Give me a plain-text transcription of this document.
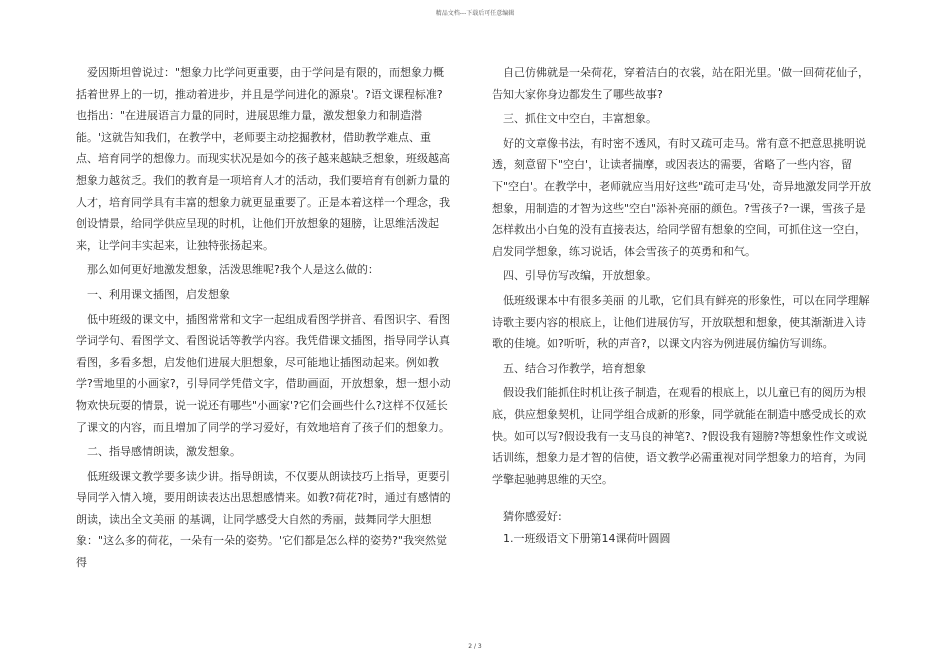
精品文档---下载后可任意编辑

爱因斯坦曾说过："想象力比学问更重要，由于学问是有限的，而想象力概括着世界上的一切，推动着进步，并且是学问进化的源泉'。?语文课程标准?也指出："在进展语言力量的同时，进展思维力量，激发想象力和制造潜能。'这就告知我们，在教学中，老师要主动挖掘教材，借助教学难点、重点、培育同学的想像力。而现实状况是如今的孩子越来越缺乏想象，班级越高想象力越贫乏。我们的教育是一项培育人才的活动，我们要培育有创新力量的人才，培育同学具有丰富的想象力就更显重要了。正是本着这样一个理念，我创设情景，给同学供应呈现的时机，让他们开放想象的翅膀，让思维活泼起来，让学问丰实起来，让独特张扬起来。

那么如何更好地激发想象，活泼思维呢?我个人是这么做的：

一、利用课文插图，启发想象

低中班级的课文中，插图常常和文字一起组成看图学拼音、看图识字、看图学词学句、看图学文、看图说话等教学内容。我凭借课文插图，指导同学认真看图，多看多想，启发他们进展大胆想象，尽可能地让插图动起来。例如教学?雪地里的小画家?，引导同学凭借文字，借助画面，开放想象，想一想小动物欢快玩耍的情景，说一说还有哪些"小画家'?它们会画些什么?这样不仅延长了课文的内容，而且增加了同学的学习爱好，有效地培育了孩子们的想象力。

二、指导感情朗读，激发想象。

低班级课文教学要多读少讲。指导朗读，不仅要从朗读技巧上指导，更要引导同学入情入境，要用朗读表达出思想感情来。如教?荷花?时，通过有感情的朗读，读出全文美丽 的基调，让同学感受大自然的秀丽，鼓舞同学大胆想象："这么多的荷花，一朵有一朵的姿势。'它们都是怎么样的姿势?"我突然觉得

自己仿佛就是一朵荷花，穿着洁白的衣裳，站在阳光里。'做一回荷花仙子，告知大家你身边都发生了哪些故事?

三、抓住文中空白，丰富想象。

好的文章像书法，有时密不透风，有时又疏可走马。常有意不把意思挑明说透，刻意留下"空白'，让读者揣摩，或因表达的需要，省略了一些内容，留下"空白'。在教学中，老师就应当用好这些"疏可走马'处，奇异地激发同学开放想象，用制造的才智为这些"空白"添补亮丽的颜色。?雪孩子?一课，雪孩子是怎样救出小白兔的没有直接表达，给同学留有想象的空间，可抓住这一空白，启发同学想象，练习说话，体会雪孩子的英勇和和气。

四、引导仿写改编，开放想象。

低班级课本中有很多美丽 的儿歌，它们具有鲜亮的形象性，可以在同学理解诗歌主要内容的根底上，让他们进展仿写，开放联想和想象，使其渐渐进入诗歌的佳境。如?听听，秋的声音?，以课文内容为例进展仿编仿写训练。

五、结合习作教学，培育想象

假设我们能抓住时机让孩子制造，在观看的根底上，以儿童已有的阅历为根底，供应想象契机，让同学组合成新的形象，同学就能在制造中感受成长的欢快。如可以写?假设我有一支马良的神笔?、?假设我有翅膀?等想象性作文或说话训练，想象力是才智的信使，语文教学必需重视对同学想象力的培育，为同学擎起驰骋思维的天空。

猜你感爱好:

1.一班级语文下册第14课荷叶圆圆

2 / 3
